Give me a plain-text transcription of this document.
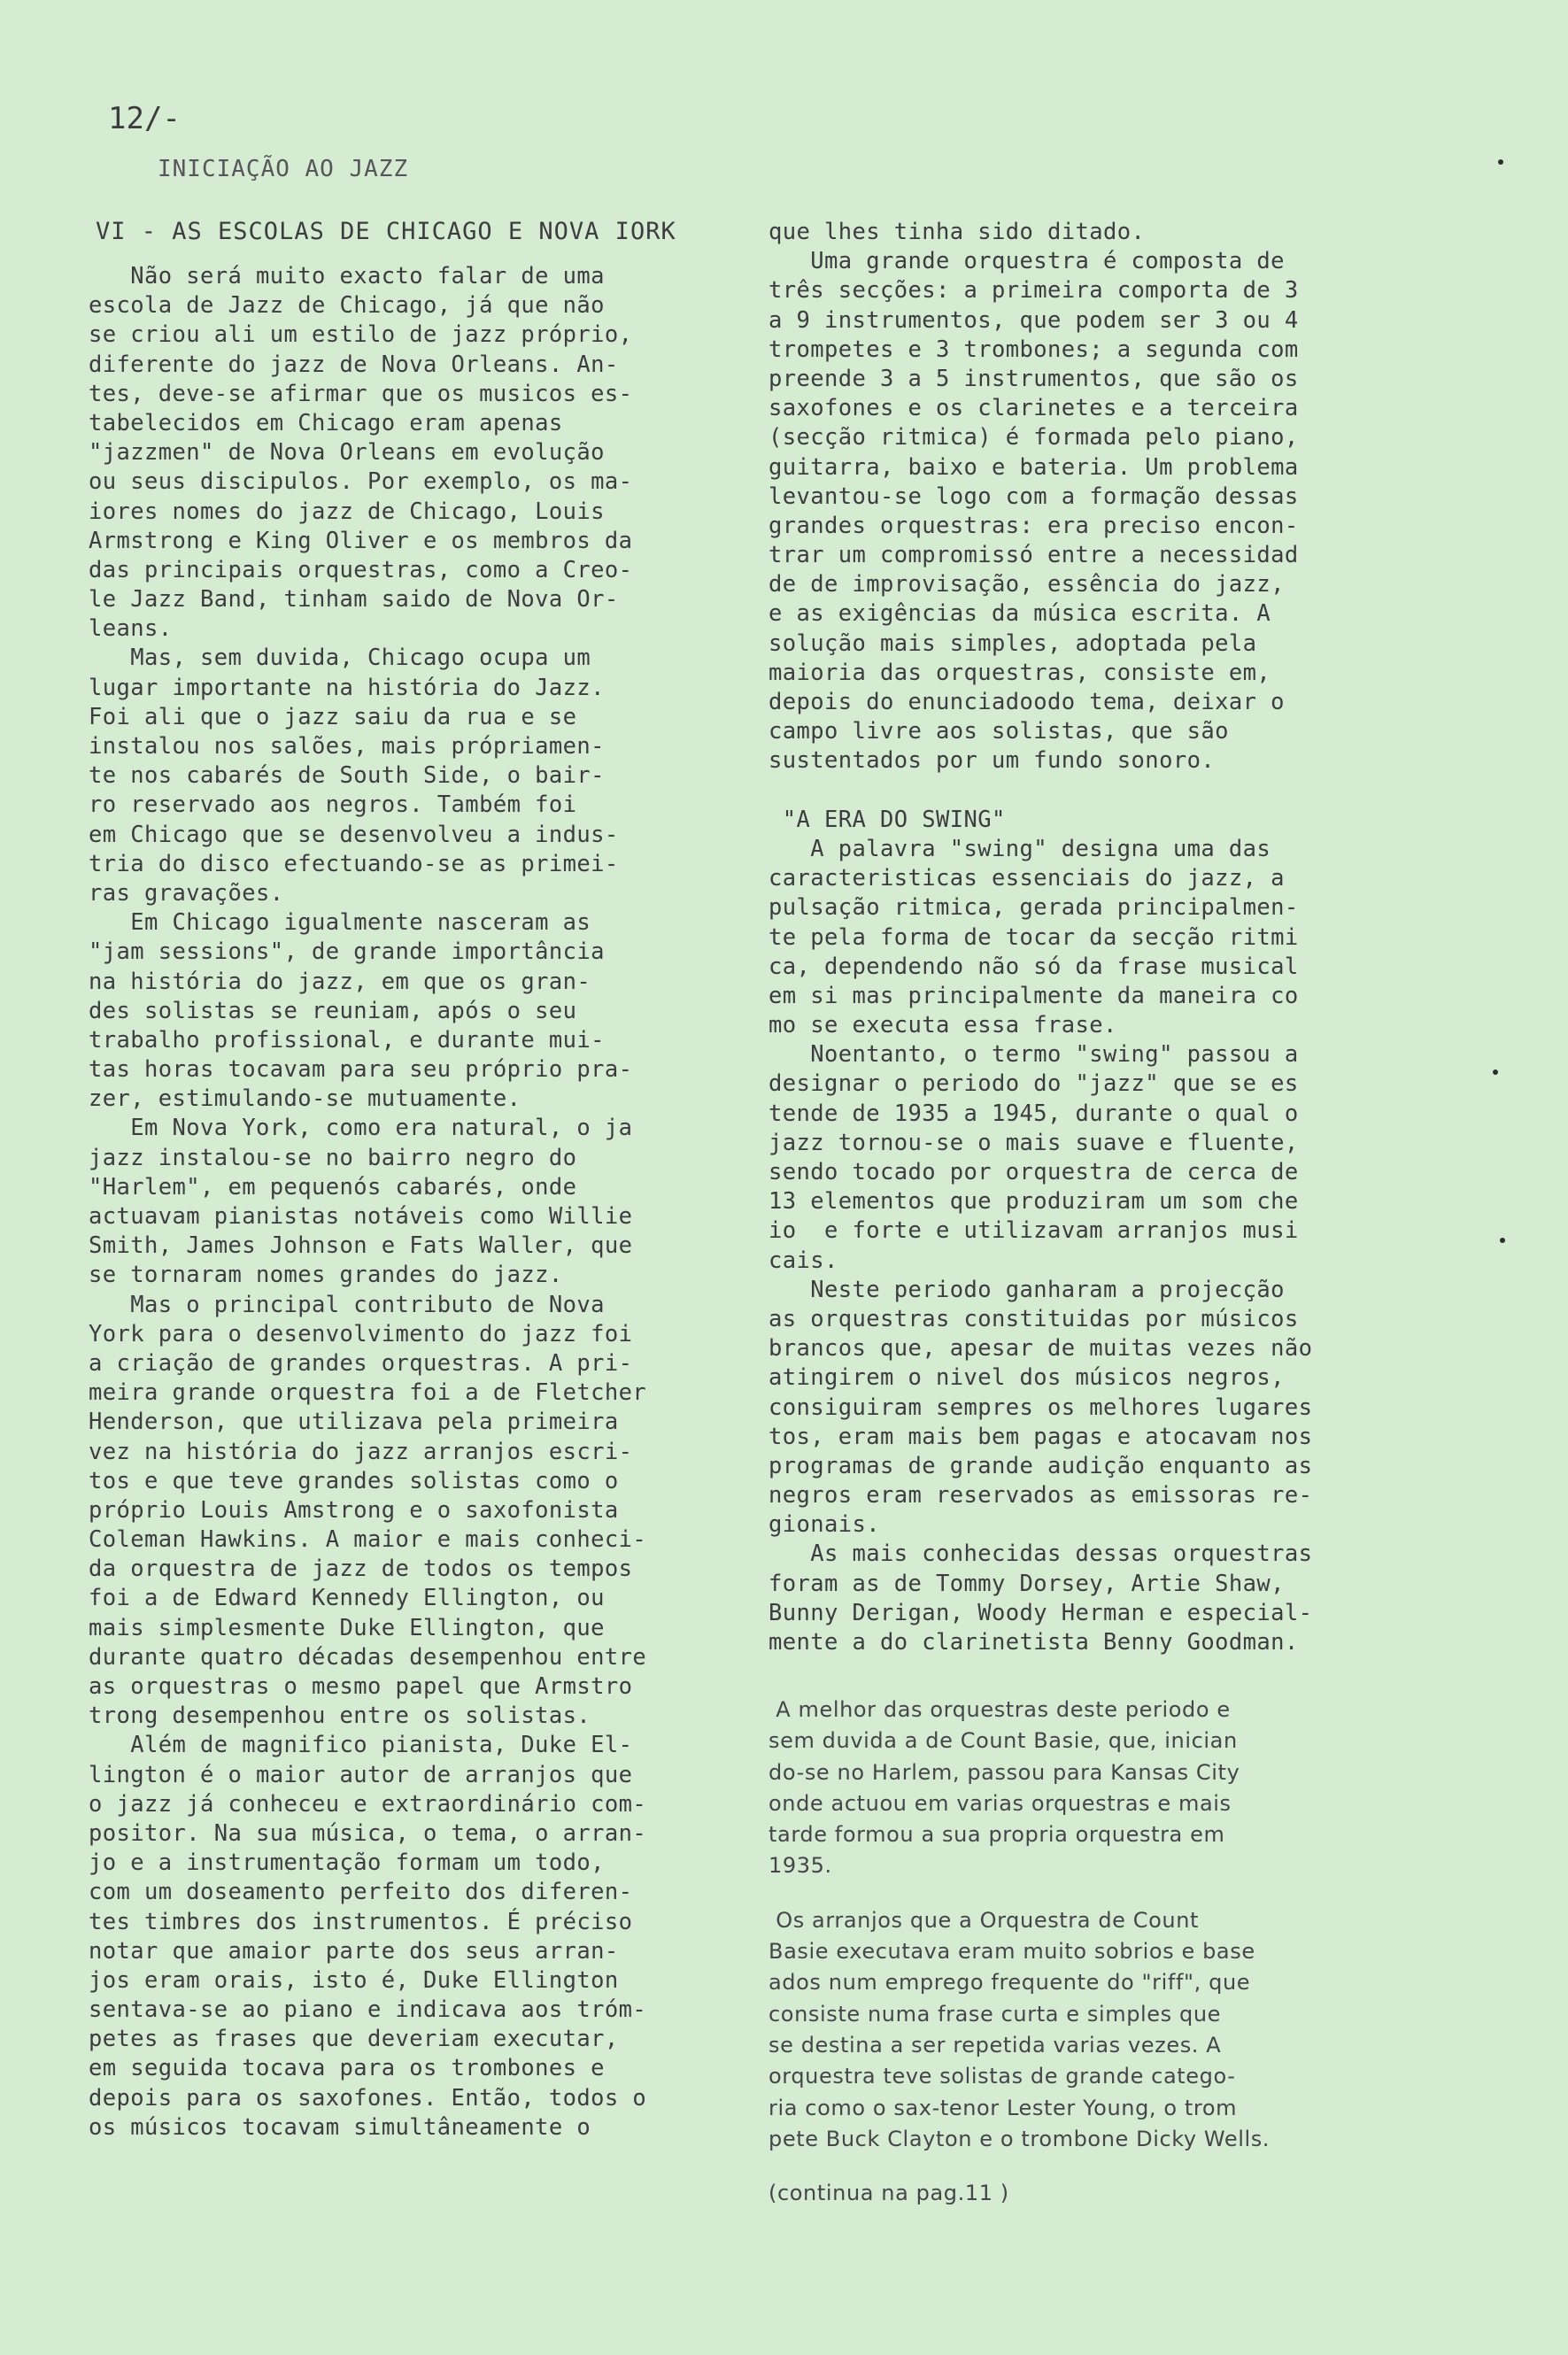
12/-
INICIAÇÃO AO JAZZ
VI - AS ESCOLAS DE CHICAGO E NOVA IORK
Não será muito exacto falar de uma
escola de Jazz de Chicago, já que não
se criou ali um estilo de jazz próprio,
diferente do jazz de Nova Orleans. An-
tes, deve-se afirmar que os musicos es-
tabelecidos em Chicago eram apenas
"jazzmen" de Nova Orleans em evolução
ou seus discipulos. Por exemplo, os ma-
iores nomes do jazz de Chicago, Louis
Armstrong e King Oliver e os membros da
das principais orquestras, como a Creo-
le Jazz Band, tinham saido de Nova Or-
leans.
Mas, sem duvida, Chicago ocupa um
lugar importante na história do Jazz.
Foi ali que o jazz saiu da rua e se
instalou nos salões, mais própriamen-
te nos cabarés de South Side, o bair-
ro reservado aos negros. Também foi
em Chicago que se desenvolveu a indus-
tria do disco efectuando-se as primei-
ras gravações.
Em Chicago igualmente nasceram as
"jam sessions", de grande importância
na história do jazz, em que os gran-
des solistas se reuniam, após o seu
trabalho profissional, e durante mui-
tas horas tocavam para seu próprio pra-
zer, estimulando-se mutuamente.
Em Nova York, como era natural, o ja
jazz instalou-se no bairro negro do
"Harlem", em pequenós cabarés, onde
actuavam pianistas notáveis como Willie
Smith, James Johnson e Fats Waller, que
se tornaram nomes grandes do jazz.
Mas o principal contributo de Nova
York para o desenvolvimento do jazz foi
a criação de grandes orquestras. A pri-
meira grande orquestra foi a de Fletcher
Henderson, que utilizava pela primeira
vez na história do jazz arranjos escri-
tos e que teve grandes solistas como o
próprio Louis Amstrong e o saxofonista
Coleman Hawkins. A maior e mais conheci-
da orquestra de jazz de todos os tempos
foi a de Edward Kennedy Ellington, ou
mais simplesmente Duke Ellington, que
durante quatro décadas desempenhou entre
as orquestras o mesmo papel que Armstro
trong desempenhou entre os solistas.
Além de magnifico pianista, Duke El-
lington é o maior autor de arranjos que
o jazz já conheceu e extraordinário com-
positor. Na sua música, o tema, o arran-
jo e a instrumentação formam um todo,
com um doseamento perfeito dos diferen-
tes timbres dos instrumentos. É préciso
notar que amaior parte dos seus arran-
jos eram orais, isto é, Duke Ellington
sentava-se ao piano e indicava aos tróm-
petes as frases que deveriam executar,
em seguida tocava para os trombones e
depois para os saxofones. Então, todos o
os músicos tocavam simultâneamente o
que lhes tinha sido ditado.
Uma grande orquestra é composta de
três secções: a primeira comporta de 3
a 9 instrumentos, que podem ser 3 ou 4
trompetes e 3 trombones; a segunda com
preende 3 a 5 instrumentos, que são os
saxofones e os clarinetes e a terceira
(secção ritmica) é formada pelo piano,
guitarra, baixo e bateria. Um problema
levantou-se logo com a formação dessas
grandes orquestras: era preciso encon-
trar um compromissó entre a necessidad
de de improvisação, essência do jazz,
e as exigências da música escrita. A
solução mais simples, adoptada pela
maioria das orquestras, consiste em,
depois do enunciadoodo tema, deixar o
campo livre aos solistas, que são
sustentados por um fundo sonoro.
"A ERA DO SWING"
A palavra "swing" designa uma das
caracteristicas essenciais do jazz, a
pulsação ritmica, gerada principalmen-
te pela forma de tocar da secção ritmi
ca, dependendo não só da frase musical
em si mas principalmente da maneira co
mo se executa essa frase.
Noentanto, o termo "swing" passou a
designar o periodo do "jazz" que se es
tende de 1935 a 1945, durante o qual o
jazz tornou-se o mais suave e fluente,
sendo tocado por orquestra de cerca de
13 elementos que produziram um som che
io  e forte e utilizavam arranjos musi
cais.
Neste periodo ganharam a projecção
as orquestras constituidas por músicos
brancos que, apesar de muitas vezes não
atingirem o nivel dos músicos negros,
consiguiram sempres os melhores lugares
tos, eram mais bem pagas e atocavam nos
programas de grande audição enquanto as
negros eram reservados as emissoras re-
gionais.
As mais conhecidas dessas orquestras
foram as de Tommy Dorsey, Artie Shaw,
Bunny Derigan, Woody Herman e especial-
mente a do clarinetista Benny Goodman.
A melhor das orquestras deste periodo e
sem duvida a de Count Basie, que, inician
do-se no Harlem, passou para Kansas City
onde actuou em varias orquestras e mais
tarde formou a sua propria orquestra em
1935.
Os arranjos que a Orquestra de Count
Basie executava eram muito sobrios e base
ados num emprego frequente do "riff", que
consiste numa frase curta e simples que
se destina a ser repetida varias vezes. A
orquestra teve solistas de grande catego-
ria como o sax-tenor Lester Young, o trom
pete Buck Clayton e o trombone Dicky Wells.
(continua na pag.11 )
